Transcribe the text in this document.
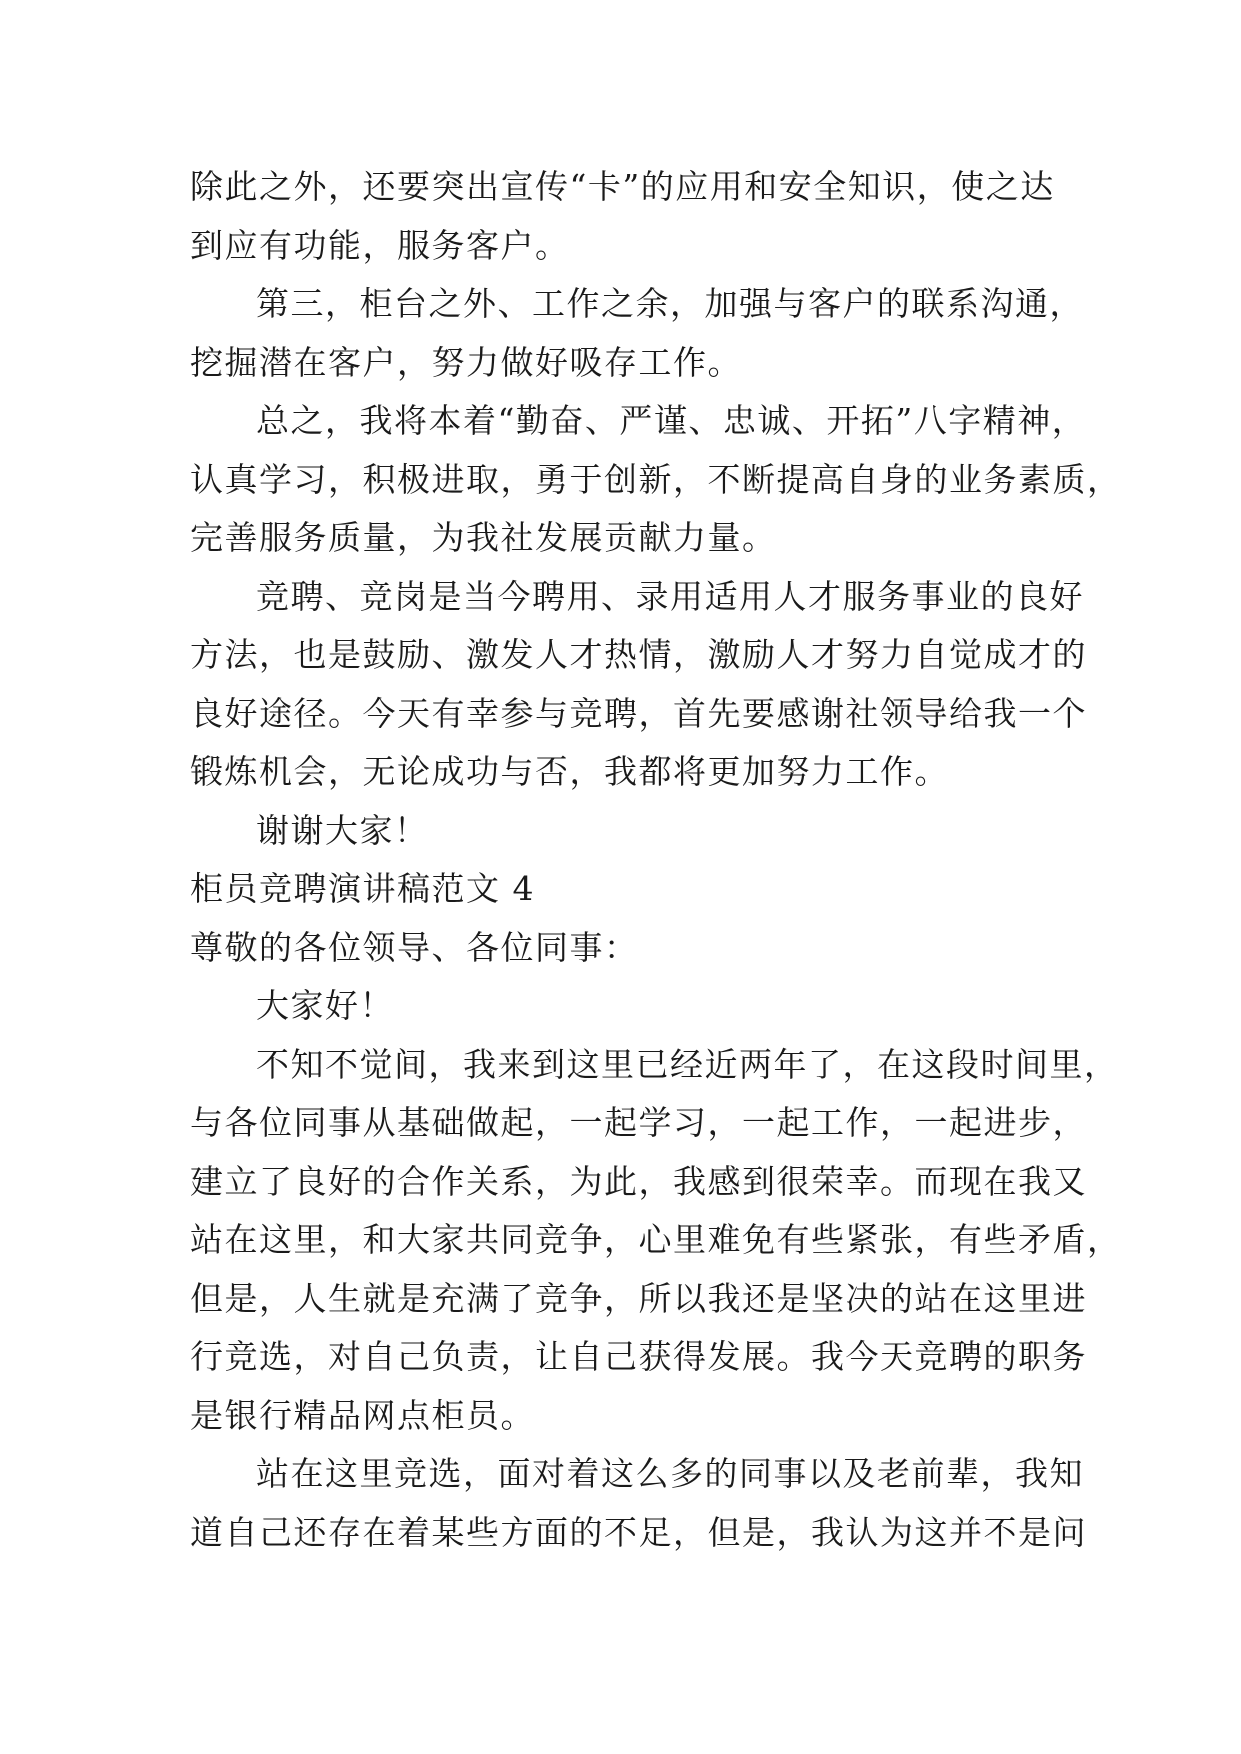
除此之外，还要突出宣传“卡”的应用和安全知识，使之达
到应有功能，服务客户。
第三，柜台之外、工作之余，加强与客户的联系沟通，
挖掘潜在客户，努力做好吸存工作。
总之，我将本着“勤奋、严谨、忠诚、开拓”八字精神，
认真学习，积极进取，勇于创新，不断提高自身的业务素质，
完善服务质量，为我社发展贡献力量。
竞聘、竞岗是当今聘用、录用适用人才服务事业的良好
方法，也是鼓励、激发人才热情，激励人才努力自觉成才的
良好途径。今天有幸参与竞聘，首先要感谢社领导给我一个
锻炼机会，无论成功与否，我都将更加努力工作。
谢谢大家！
柜员竞聘演讲稿范文 4
尊敬的各位领导、各位同事：
大家好！
不知不觉间，我来到这里已经近两年了，在这段时间里，
与各位同事从基础做起，一起学习，一起工作，一起进步，
建立了良好的合作关系，为此，我感到很荣幸。而现在我又
站在这里，和大家共同竞争，心里难免有些紧张，有些矛盾，
但是，人生就是充满了竞争，所以我还是坚决的站在这里进
行竞选，对自己负责，让自己获得发展。我今天竞聘的职务
是银行精品网点柜员。
站在这里竞选，面对着这么多的同事以及老前辈，我知
道自己还存在着某些方面的不足，但是，我认为这并不是问
